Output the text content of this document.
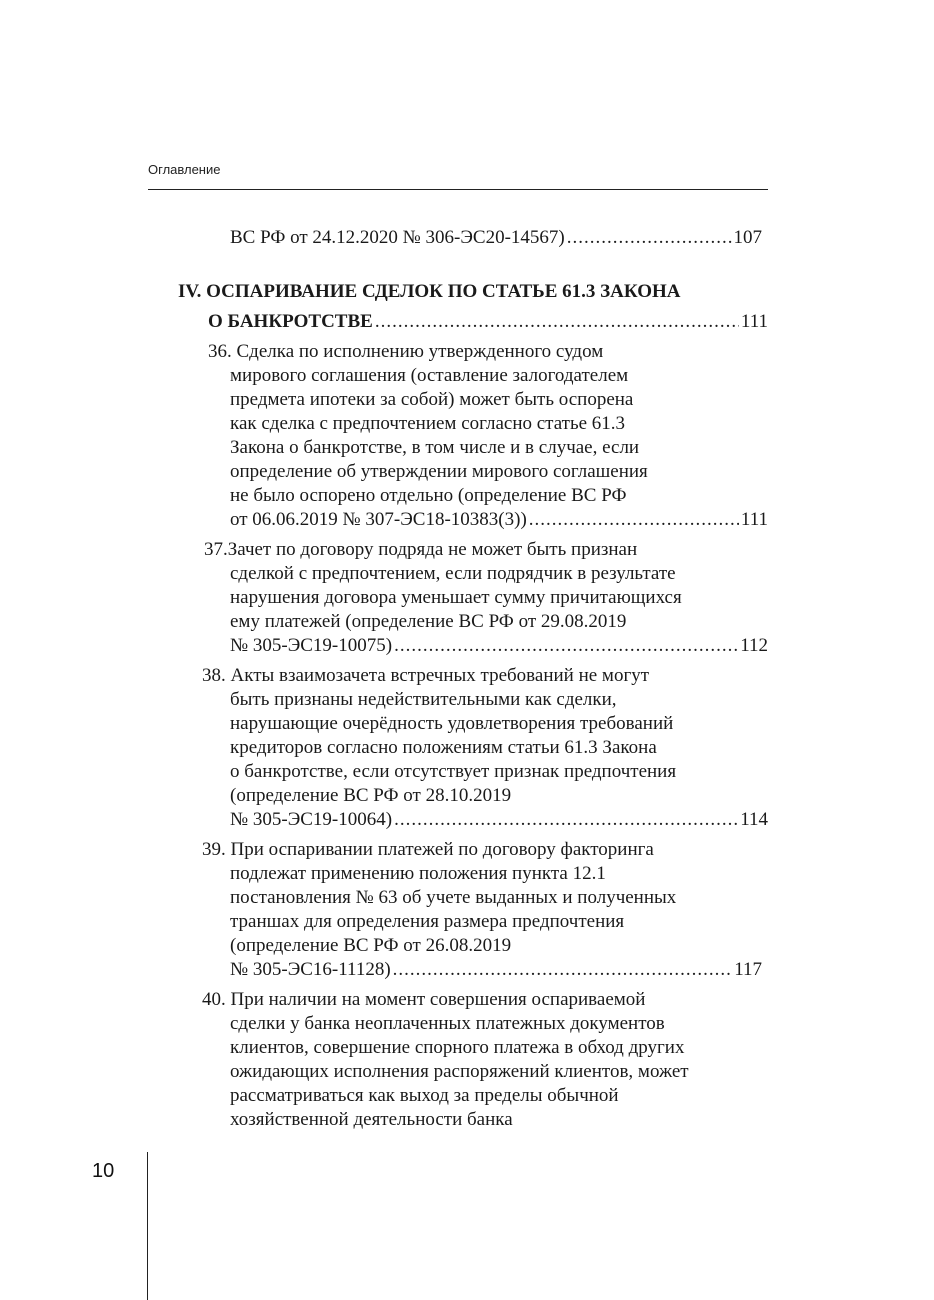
Оглавление
ВС РФ от 24.12.2020 № 306-ЭС20-14567) .....	107
IV. ОСПАРИВАНИЕ СДЕЛОК ПО СТАТЬЕ 61.3 ЗАКОНА
О БАНКРОТСТВЕ .....	111
36. Сделка по исполнению утвержденного судом
мирового соглашения (оставление залогодателем
предмета ипотеки за собой) может быть оспорена
как сделка с предпочтением согласно статье 61.3
Закона о банкротстве, в том числе и в случае, если
определение об утверждении мирового соглашения
не было оспорено отдельно (определение ВС РФ
от 06.06.2019 № 307-ЭС18-10383(3)) .....	111
37.Зачет по договору подряда не может быть признан
сделкой с предпочтением, если подрядчик в результате
нарушения договора уменьшает сумму причитающихся
ему платежей (определение ВС РФ от 29.08.2019
№ 305-ЭС19-10075) .....	112
38. Акты взаимозачета встречных требований не могут
быть признаны недействительными как сделки,
нарушающие очерёдность удовлетворения требований
кредиторов согласно положениям статьи 61.3 Закона
о банкротстве, если отсутствует признак предпочтения
(определение ВС РФ от 28.10.2019
№ 305-ЭС19-10064) .....	114
39. При оспаривании платежей по договору факторинга
подлежат применению положения пункта 12.1
постановления № 63 об учете выданных и полученных
траншах для определения размера предпочтения
(определение ВС РФ от 26.08.2019
№ 305-ЭС16-11128) .....	117
40. При наличии на момент совершения оспариваемой
сделки у банка неоплаченных платежных документов
клиентов, совершение спорного платежа в обход других
ожидающих исполнения распоряжений клиентов, может
рассматриваться как выход за пределы обычной
хозяйственной деятельности банка
10
